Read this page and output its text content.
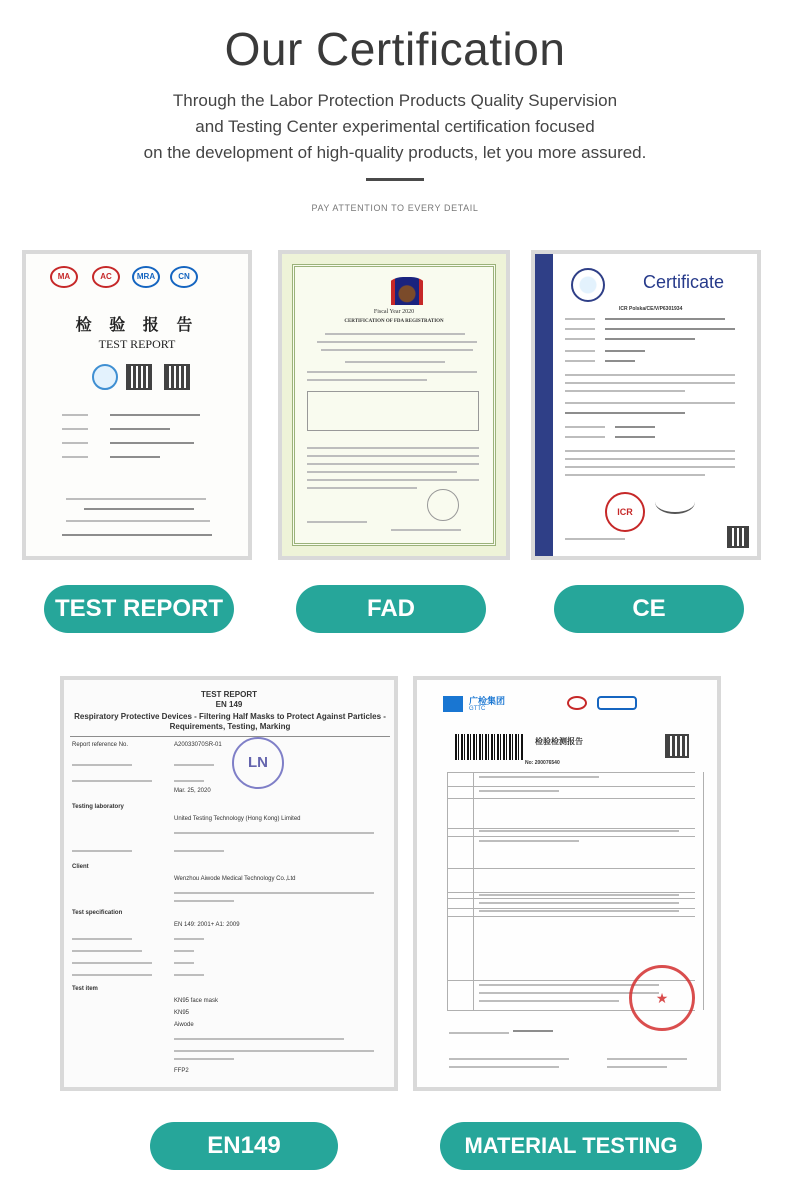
Our Certification
Through the Labor Protection Products Quality Supervision
and Testing Center experimental certification focused
on the development of high-quality products, let you more assured.
PAY ATTENTION TO EVERY DETAIL
MA	AC	MRA	CN
检 验 报 告
TEST REPORT
TEST REPORT
Fiscal Year 2020
CERTIFICATION OF FDA REGISTRATION
FAD
Certificate
ICR Polska/CE/V/P6301934
ICR
CE
TEST REPORT
EN 149
Respiratory Protective Devices - Filtering Half Masks to Protect Against Particles - Requirements, Testing, Marking
LN
Report reference No.	A20033070SR-01
Mar. 25, 2020
Testing laboratory
United Testing Technology (Hong Kong) Limited
Client
Wenzhou Aiwode Medical Technology Co.,Ltd
Test specification
EN 149: 2001+ A1: 2009
Test item
KN95 face mask
KN95
Aiwode
FFP2
EN149
广检集团
GTTC
检验检测报告
No: 200076540
★
MATERIAL TESTING
